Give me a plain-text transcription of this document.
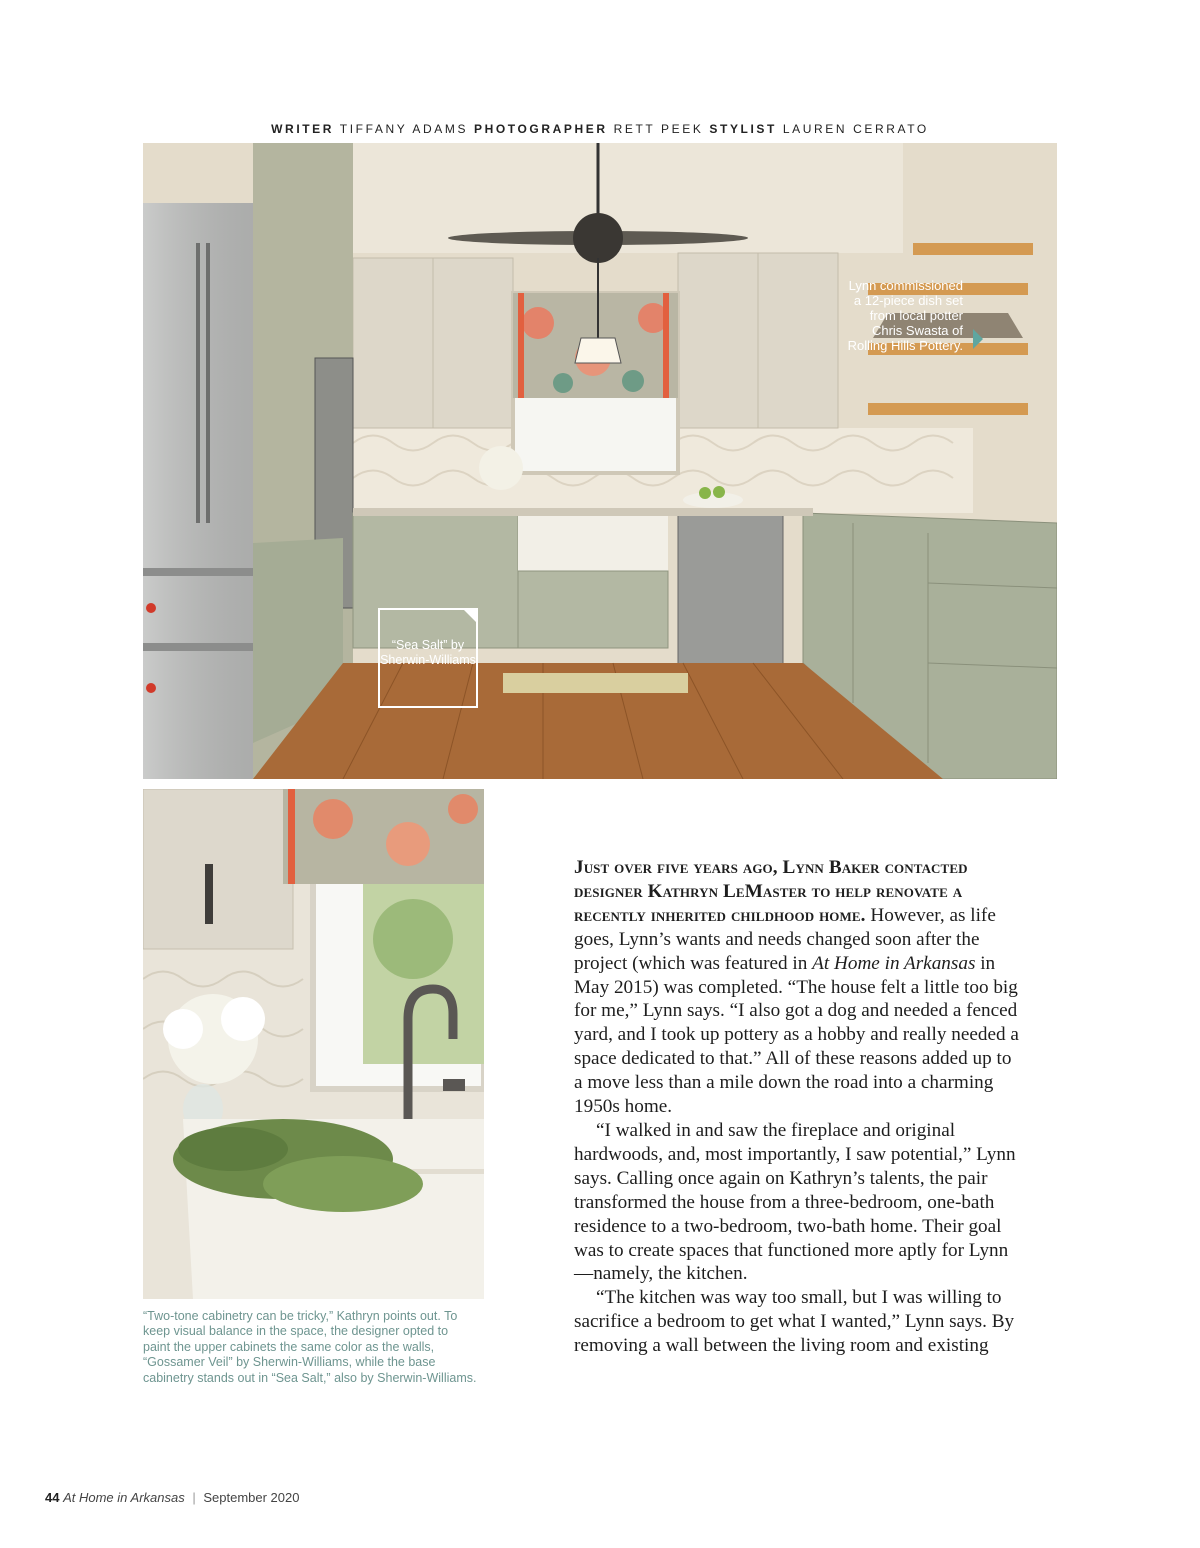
WRITER TIFFANY ADAMS PHOTOGRAPHER RETT PEEK STYLIST LAUREN CERRATO
Lynn commissioned a 12-piece dish set from local potter Chris Swasta of Rolling Hills Pottery.
“Sea Salt” by Sherwin-Williams
“Two-tone cabinetry can be tricky,” Kathryn points out. To keep visual balance in the space, the designer opted to paint the upper cabinets the same color as the walls, “Gossamer Veil” by Sherwin-Williams, while the base cabinetry stands out in “Sea Salt,” also by Sherwin-Williams.

Just over five years ago, Lynn Baker contacted designer Kathryn LeMaster to help renovate a recently inherited childhood home. However, as life goes, Lynn’s wants and needs changed soon after the project (which was featured in At Home in Arkansas in May 2015) was completed. “The house felt a little too big for me,” Lynn says. “I also got a dog and needed a fenced yard, and I took up pottery as a hobby and really needed a space dedicated to that.” All of these reasons added up to a move less than a mile down the road into a charming 1950s home.

“I walked in and saw the fireplace and original hardwoods, and, most importantly, I saw potential,” Lynn says. Calling once again on Kathryn’s talents, the pair transformed the house from a three-bedroom, one-bath residence to a two-bedroom, two-bath home. Their goal was to create spaces that functioned more aptly for Lynn—namely, the kitchen.

“The kitchen was way too small, but I was willing to sacrifice a bedroom to get what I wanted,” Lynn says. By removing a wall between the living room and existing

44 At Home in Arkansas | September 2020
